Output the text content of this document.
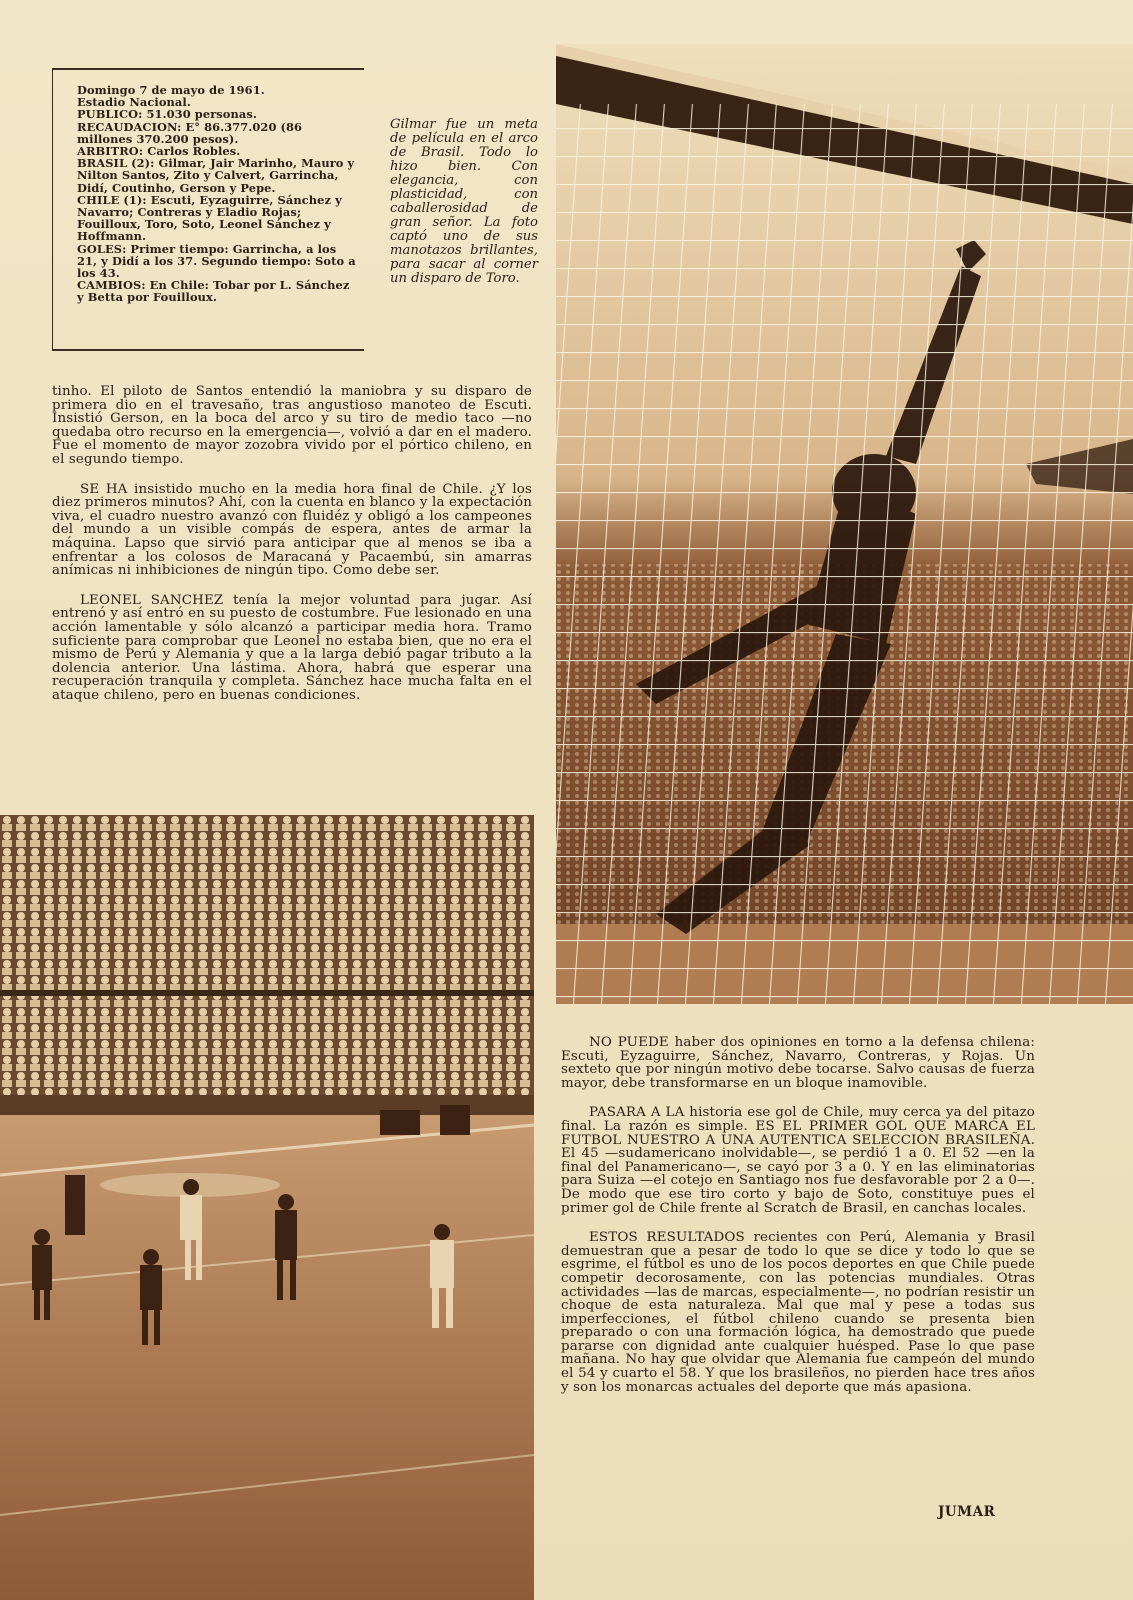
Domingo 7 de mayo de 1961.

Estadio Nacional.

PUBLICO: 51.030 personas.

RECAUDACION: E° 86.377.020 (86 millones 370.200 pesos).

ARBITRO: Carlos Robles.

BRASIL (2): Gilmar, Jair Marinho, Mauro y Nilton Santos, Zito y Calvert, Garrincha, Didí, Coutinho, Gerson y Pepe.

CHILE (1): Escuti, Eyzaguirre, Sánchez y Navarro; Contreras y Eladio Rojas; Fouilloux, Toro, Soto, Leonel Sánchez y Hoffmann.

GOLES: Primer tiempo: Garrincha, a los 21, y Didí a los 37. Segundo tiempo: Soto a los 43.

CAMBIOS: En Chile: Tobar por L. Sánchez y Betta por Fouilloux.

Gilmar fue un meta de película en el arco de Brasil. Todo lo hizo bien. Con elegancia, con plasticidad, con caballerosidad de gran señor. La foto captó uno de sus manotazos brillantes, para sacar al corner un disparo de Toro.

tinho. El piloto de Santos entendió la maniobra y su disparo de primera dio en el travesaño, tras angustioso manoteo de Escuti. Insistió Gerson, en la boca del arco y su tiro de medio taco —no quedaba otro recurso en la emergencia—, volvió a dar en el madero. Fue el momento de mayor zozobra vivido por el pórtico chileno, en el segundo tiempo.

SE HA insistido mucho en la media hora final de Chile. ¿Y los diez primeros minutos? Ahí, con la cuenta en blanco y la expectación viva, el cuadro nuestro avanzó con fluidéz y obligó a los campeones del mundo a un visible compás de espera, antes de armar la máquina. Lapso que sirvió para anticipar que al menos se iba a enfrentar a los colosos de Maracaná y Pacaembú, sin amarras anímicas ni inhibiciones de ningún tipo. Como debe ser.

LEONEL SANCHEZ tenía la mejor voluntad para jugar. Así entrenó y así entró en su puesto de costumbre. Fue lesionado en una acción lamentable y sólo alcanzó a participar media hora. Tramo suficiente para comprobar que Leonel no estaba bien, que no era el mismo de Perú y Alemania y que a la larga debió pagar tributo a la dolencia anterior. Una lástima. Ahora, habrá que esperar una recuperación tranquila y completa. Sánchez hace mucha falta en el ataque chileno, pero en buenas condiciones.

NO PUEDE haber dos opiniones en torno a la defensa chilena: Escuti, Eyzaguirre, Sánchez, Navarro, Contreras, y Rojas. Un sexteto que por ningún motivo debe tocarse. Salvo causas de fuerza mayor, debe transformarse en un bloque inamovible.

PASARA A LA historia ese gol de Chile, muy cerca ya del pitazo final. La razón es simple. ES EL PRIMER GOL QUE MARCA EL FUTBOL NUESTRO A UNA AUTENTICA SELECCION BRASILEÑA. El 45 —sudamericano inolvidable—, se perdió 1 a 0. El 52 —en la final del Panamericano—, se cayó por 3 a 0. Y en las eliminatorias para Suiza —el cotejo en Santiago nos fue desfavorable por 2 a 0—. De modo que ese tiro corto y bajo de Soto, constituye pues el primer gol de Chile frente al Scratch de Brasil, en canchas locales.

ESTOS RESULTADOS recientes con Perú, Alemania y Brasil demuestran que a pesar de todo lo que se dice y todo lo que se esgrime, el fútbol es uno de los pocos deportes en que Chile puede competir decorosamente, con las potencias mundiales. Otras actividades —las de marcas, especialmente—, no podrían resistir un choque de esta naturaleza. Mal que mal y pese a todas sus imperfecciones, el fútbol chileno cuando se presenta bien preparado o con una formación lógica, ha demostrado que puede pararse con dignidad ante cualquier huésped. Pase lo que pase mañana. No hay que olvidar que Alemania fue campeón del mundo el 54 y cuarto el 58. Y que los brasileños, no pierden hace tres años y son los monarcas actuales del deporte que más apasiona.

JUMAR
